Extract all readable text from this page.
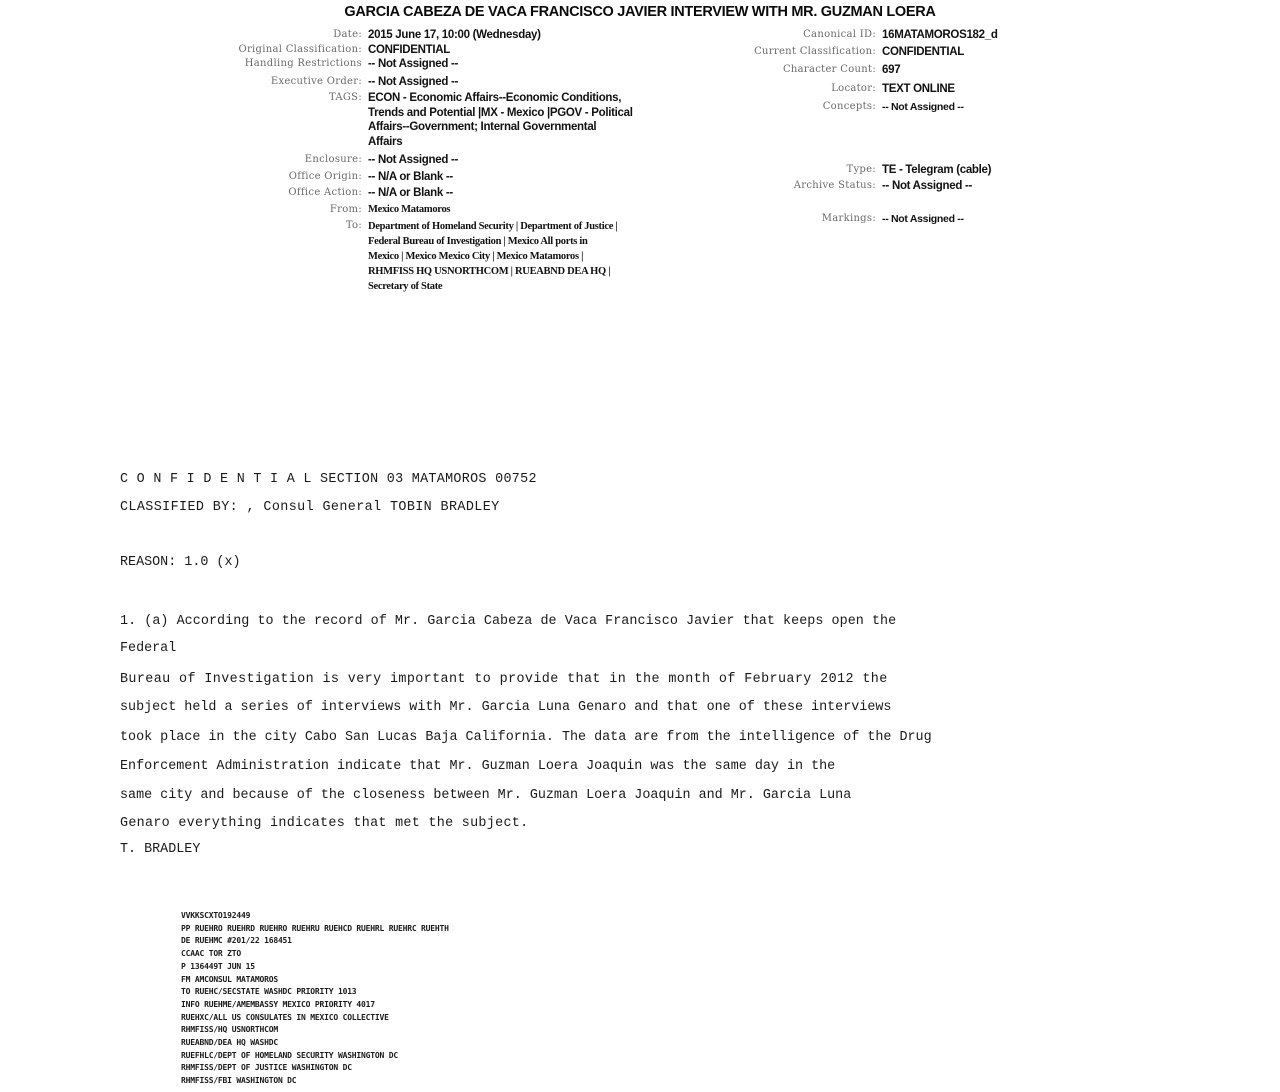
GARCIA CABEZA DE VACA FRANCISCO JAVIER INTERVIEW WITH MR. GUZMAN LOERA
Date: 2015 June 17, 10:00 (Wednesday)
Original Classification: CONFIDENTIAL
Handling Restrictions -- Not Assigned --
Executive Order: -- Not Assigned --
TAGS: ECON - Economic Affairs--Economic Conditions, Trends and Potential |MX - Mexico |PGOV - Political Affairs--Government; Internal Governmental Affairs
Enclosure: -- Not Assigned --
Office Origin: -- N/A or Blank --
Office Action: -- N/A or Blank --
From: Mexico Matamoros
To: Department of Homeland Security | Department of Justice | Federal Bureau of Investigation | Mexico All ports in Mexico | Mexico Mexico City | Mexico Matamoros | RHMFISS HQ USNORTHCOM | RUEABND DEA HQ | Secretary of State
Canonical ID: 16MATAMOROS182_d
Current Classification: CONFIDENTIAL
Character Count: 697
Locator: TEXT ONLINE
Concepts: -- Not Assigned --
Type: TE - Telegram (cable)
Archive Status: -- Not Assigned --
Markings: -- Not Assigned --
C O N F I D E N T I A L SECTION 03 MATAMOROS 00752
CLASSIFIED BY: , Consul General TOBIN BRADLEY
REASON: 1.0 (x)
1. (a) According to the record of Mr. Garcia Cabeza de Vaca Francisco Javier that keeps open the
Federal
Bureau of Investigation is very important to provide that in the month of February 2012 the
subject held a series of interviews with Mr. Garcia Luna Genaro and that one of these interviews
took place in the city Cabo San Lucas Baja California. The data are from the intelligence of the Drug
Enforcement Administration indicate that Mr. Guzman Loera Joaquin was the same day in the
same city and because of the closeness between Mr. Guzman Loera Joaquin and Mr. Garcia Luna
Genaro everything indicates that met the subject.
T. BRADLEY
VVKKSCXTO192449
PP RUEHRO RUEHRD RUEHRO RUEHRU RUEHCD RUEHRL RUEHRC RUEHTH
DE RUEHMC #201/22 168451
CCAAC TOR ZTO
P 136449T JUN 15
FM AMCONSUL MATAMOROS
TO RUEHC/SECSTATE WASHDC PRIORITY 1013
INFO RUEHME/AMEMBASSY MEXICO PRIORITY 4017
RUEHXC/ALL US CONSULATES IN MEXICO COLLECTIVE
RHMFISS/HQ USNORTHCOM
RUEABND/DEA HQ WASHDC
RUEFHLC/DEPT OF HOMELAND SECURITY WASHINGTON DC
RHMFISS/DEPT OF JUSTICE WASHINGTON DC
RHMFISS/FBI WASHINGTON DC
